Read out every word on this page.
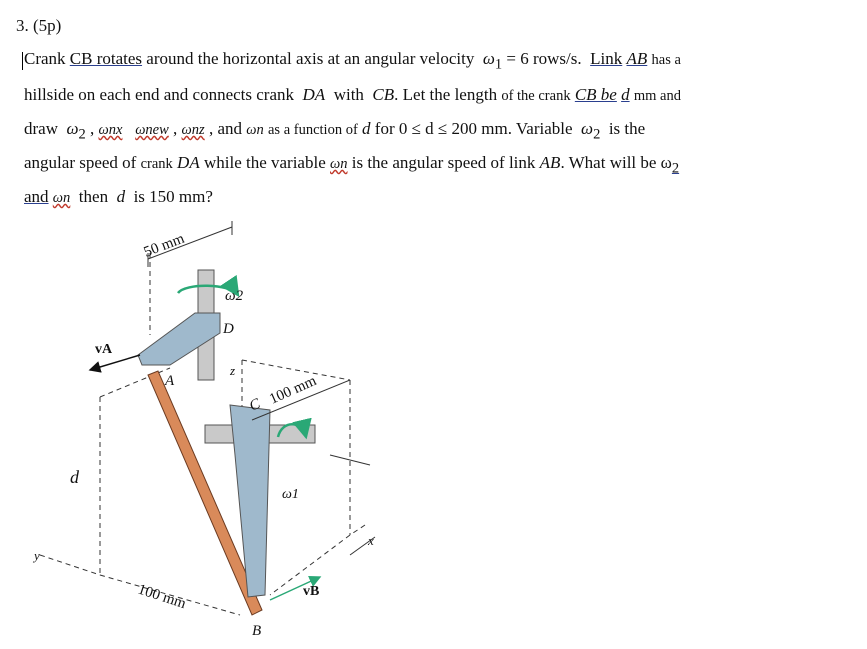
3. (5p)
Crank CB rotates around the horizontal axis at an angular velocity $\omega_1 = 6$ rows/s. Link AB has a
hillside on each end and connects crank DA with CB. Let the length of the crank CB be d mm and
draw $\omega_2$ , ωnx ωnew , ωnz , and ωn as a function of d for 0 ≤ d ≤ 200 mm. Variable $\omega_2$ is the
angular speed of crank DA while the variable ωn is the angular speed of link AB. What will be $\omega_2$
and ωn then d is 150 mm?
50 mm
ω2
D
vA
A
z
ω1
C 100 mm
d
y
x
vB
100 mm
B
